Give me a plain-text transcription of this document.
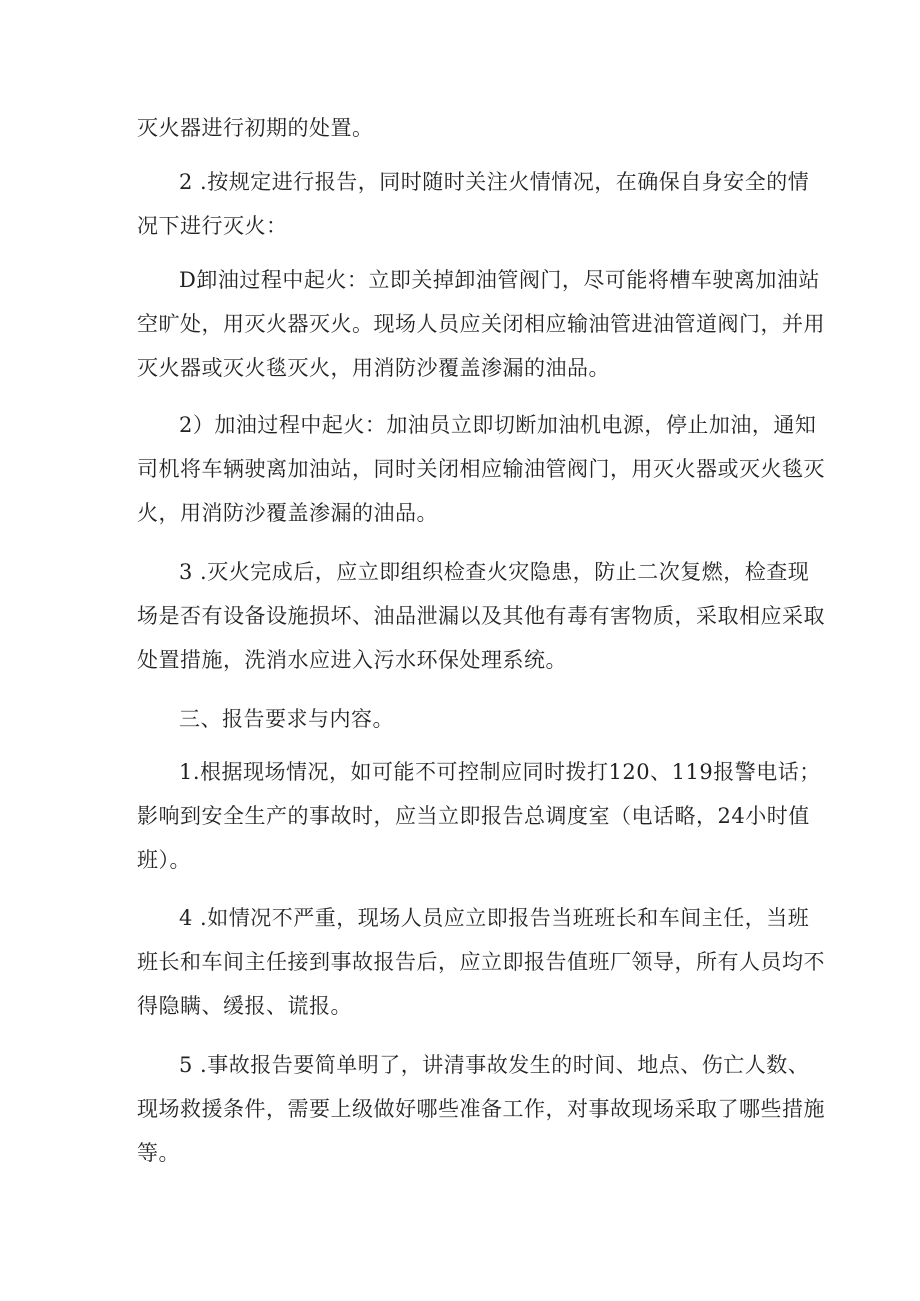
灭火器进行初期的处置。

2 .按规定进行报告，同时随时关注火情情况，在确保自身安全的情
况下进行灭火：

D卸油过程中起火：立即关掉卸油管阀门，尽可能将槽车驶离加油站
空旷处，用灭火器灭火。现场人员应关闭相应输油管进油管道阀门，并用
灭火器或灭火毯灭火，用消防沙覆盖渗漏的油品。

2）加油过程中起火：加油员立即切断加油机电源，停止加油，通知
司机将车辆驶离加油站，同时关闭相应输油管阀门，用灭火器或灭火毯灭
火，用消防沙覆盖渗漏的油品。

3 .灭火完成后，应立即组织检查火灾隐患，防止二次复燃，检查现
场是否有设备设施损坏、油品泄漏以及其他有毒有害物质，采取相应采取
处置措施，洗消水应进入污水环保处理系统。

三、报告要求与内容。

1.根据现场情况，如可能不可控制应同时拨打120、119报警电话；
影响到安全生产的事故时，应当立即报告总调度室（电话略，24小时值
班）。

4 .如情况不严重，现场人员应立即报告当班班长和车间主任，当班
班长和车间主任接到事故报告后，应立即报告值班厂领导，所有人员均不
得隐瞒、缓报、谎报。

5 .事故报告要简单明了，讲清事故发生的时间、地点、伤亡人数、
现场救援条件，需要上级做好哪些准备工作，对事故现场采取了哪些措施
等。
